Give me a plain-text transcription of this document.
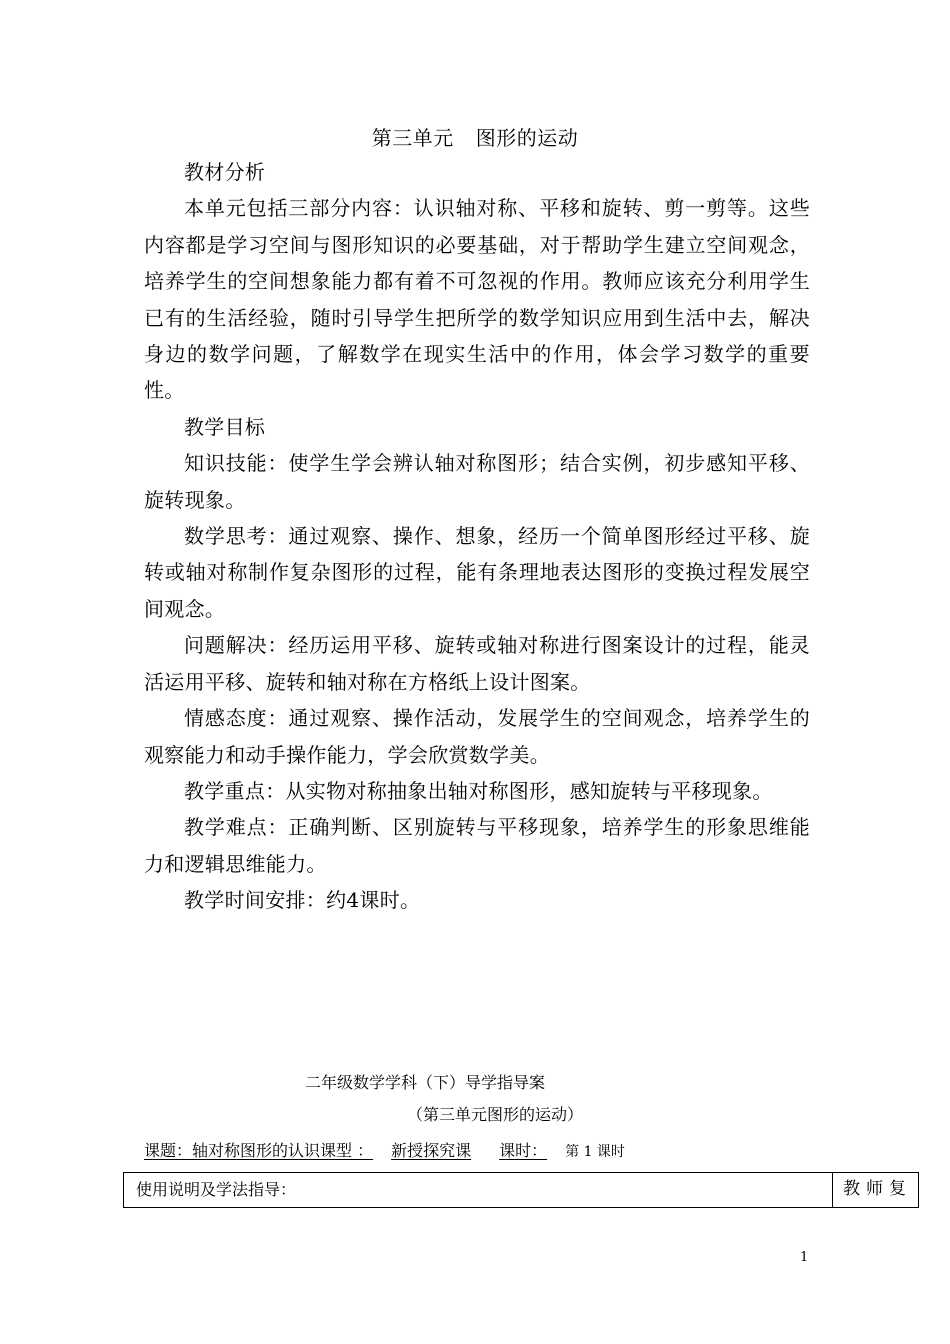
第三单元 图形的运动

教材分析

本单元包括三部分内容：认识轴对称、平移和旋转、剪一剪等。这些内容都是学习空间与图形知识的必要基础，对于帮助学生建立空间观念，培养学生的空间想象能力都有着不可忽视的作用。教师应该充分利用学生已有的生活经验，随时引导学生把所学的数学知识应用到生活中去，解决身边的数学问题，了解数学在现实生活中的作用，体会学习数学的重要性。

教学目标

知识技能：使学生学会辨认轴对称图形；结合实例，初步感知平移、旋转现象。

数学思考：通过观察、操作、想象，经历一个简单图形经过平移、旋转或轴对称制作复杂图形的过程，能有条理地表达图形的变换过程发展空间观念。

问题解决：经历运用平移、旋转或轴对称进行图案设计的过程，能灵活运用平移、旋转和轴对称在方格纸上设计图案。

情感态度：通过观察、操作活动，发展学生的空间观念，培养学生的观察能力和动手操作能力，学会欣赏数学美。

教学重点：从实物对称抽象出轴对称图形，感知旋转与平移现象。

教学难点：正确判断、区别旋转与平移现象，培养学生的形象思维能力和逻辑思维能力。

教学时间安排：约4课时。

二年级数学学科（下）导学指导案
（第三单元图形的运动）
课题：轴对称图形的认识课型 ： 新授探究课 课时： 第 1 课时
使用说明及学法指导：	教师复
1
